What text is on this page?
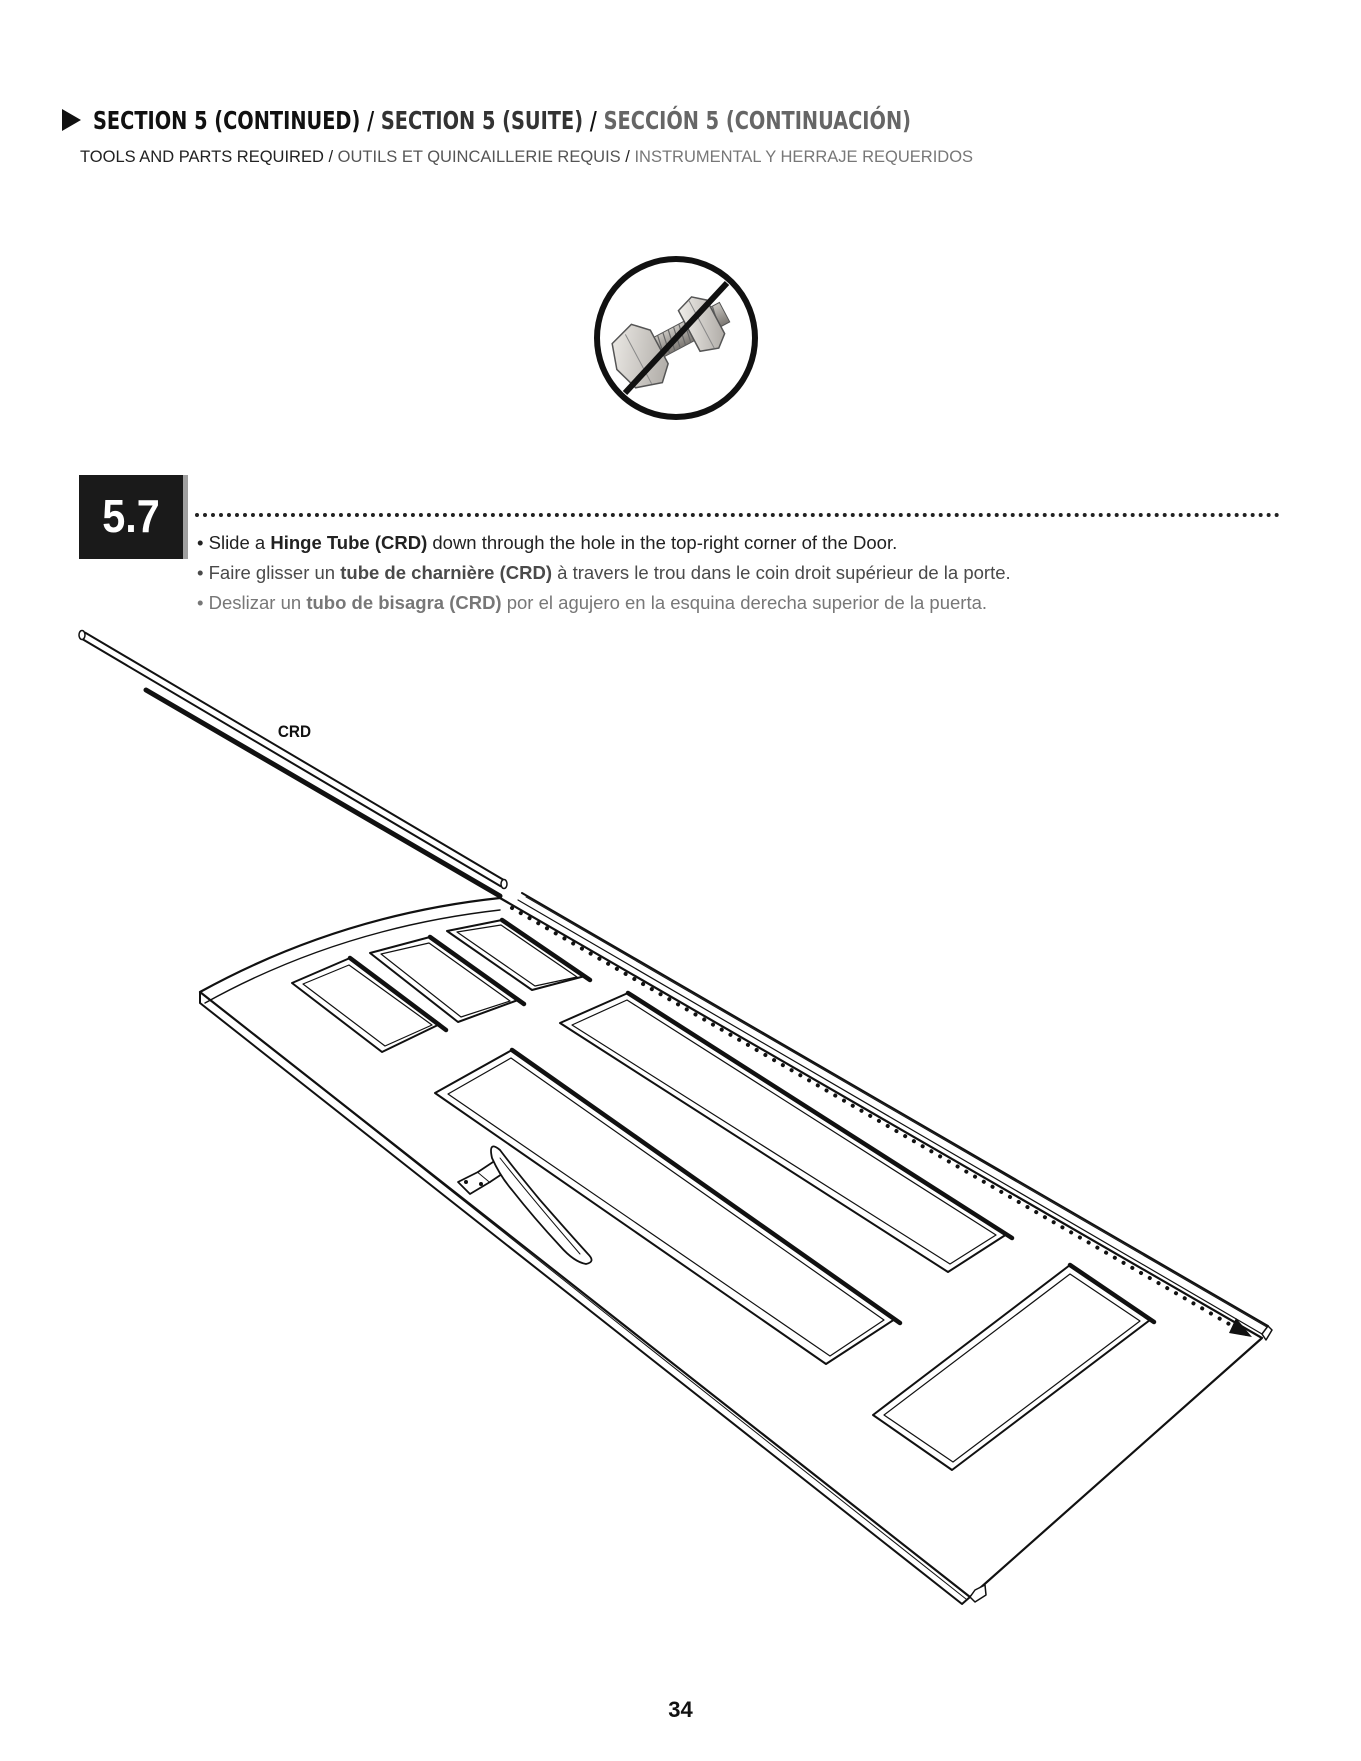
SECTION 5 (CONTINUED) / SECTION 5 (SUITE) / SECCIÓN 5 (CONTINUACIÓN)
TOOLS AND PARTS REQUIRED / OUTILS ET QUINCAILLERIE REQUIS / INSTRUMENTAL Y HERRAJE REQUERIDOS
5.7
• Slide a Hinge Tube (CRD) down through the hole in the top-right corner of the Door.
• Faire glisser un tube de charnière (CRD) à travers le trou dans le coin droit supérieur de la porte.
• Deslizar un tubo de bisagra (CRD) por el agujero en la esquina derecha superior de la puerta.
CRD
34
